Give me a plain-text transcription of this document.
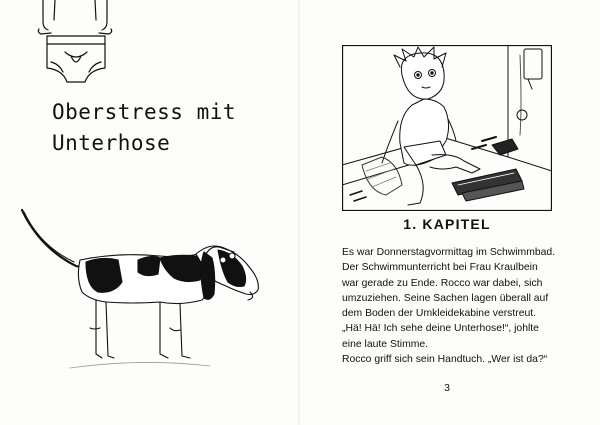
Oberstress mit
Unterhose
1. KAPITEL

Es war Donnerstagvormittag im Schwimmbad.
Der Schwimmunterricht bei Frau Kraulbein
war gerade zu Ende. Rocco war dabei, sich
umzuziehen. Seine Sachen lagen überall auf
dem Boden der Umkleidekabine verstreut.
„Hä! Hä! Ich sehe deine Unterhose!“, johlte
eine laute Stimme.
Rocco griff sich sein Handtuch. „Wer ist da?“

3
